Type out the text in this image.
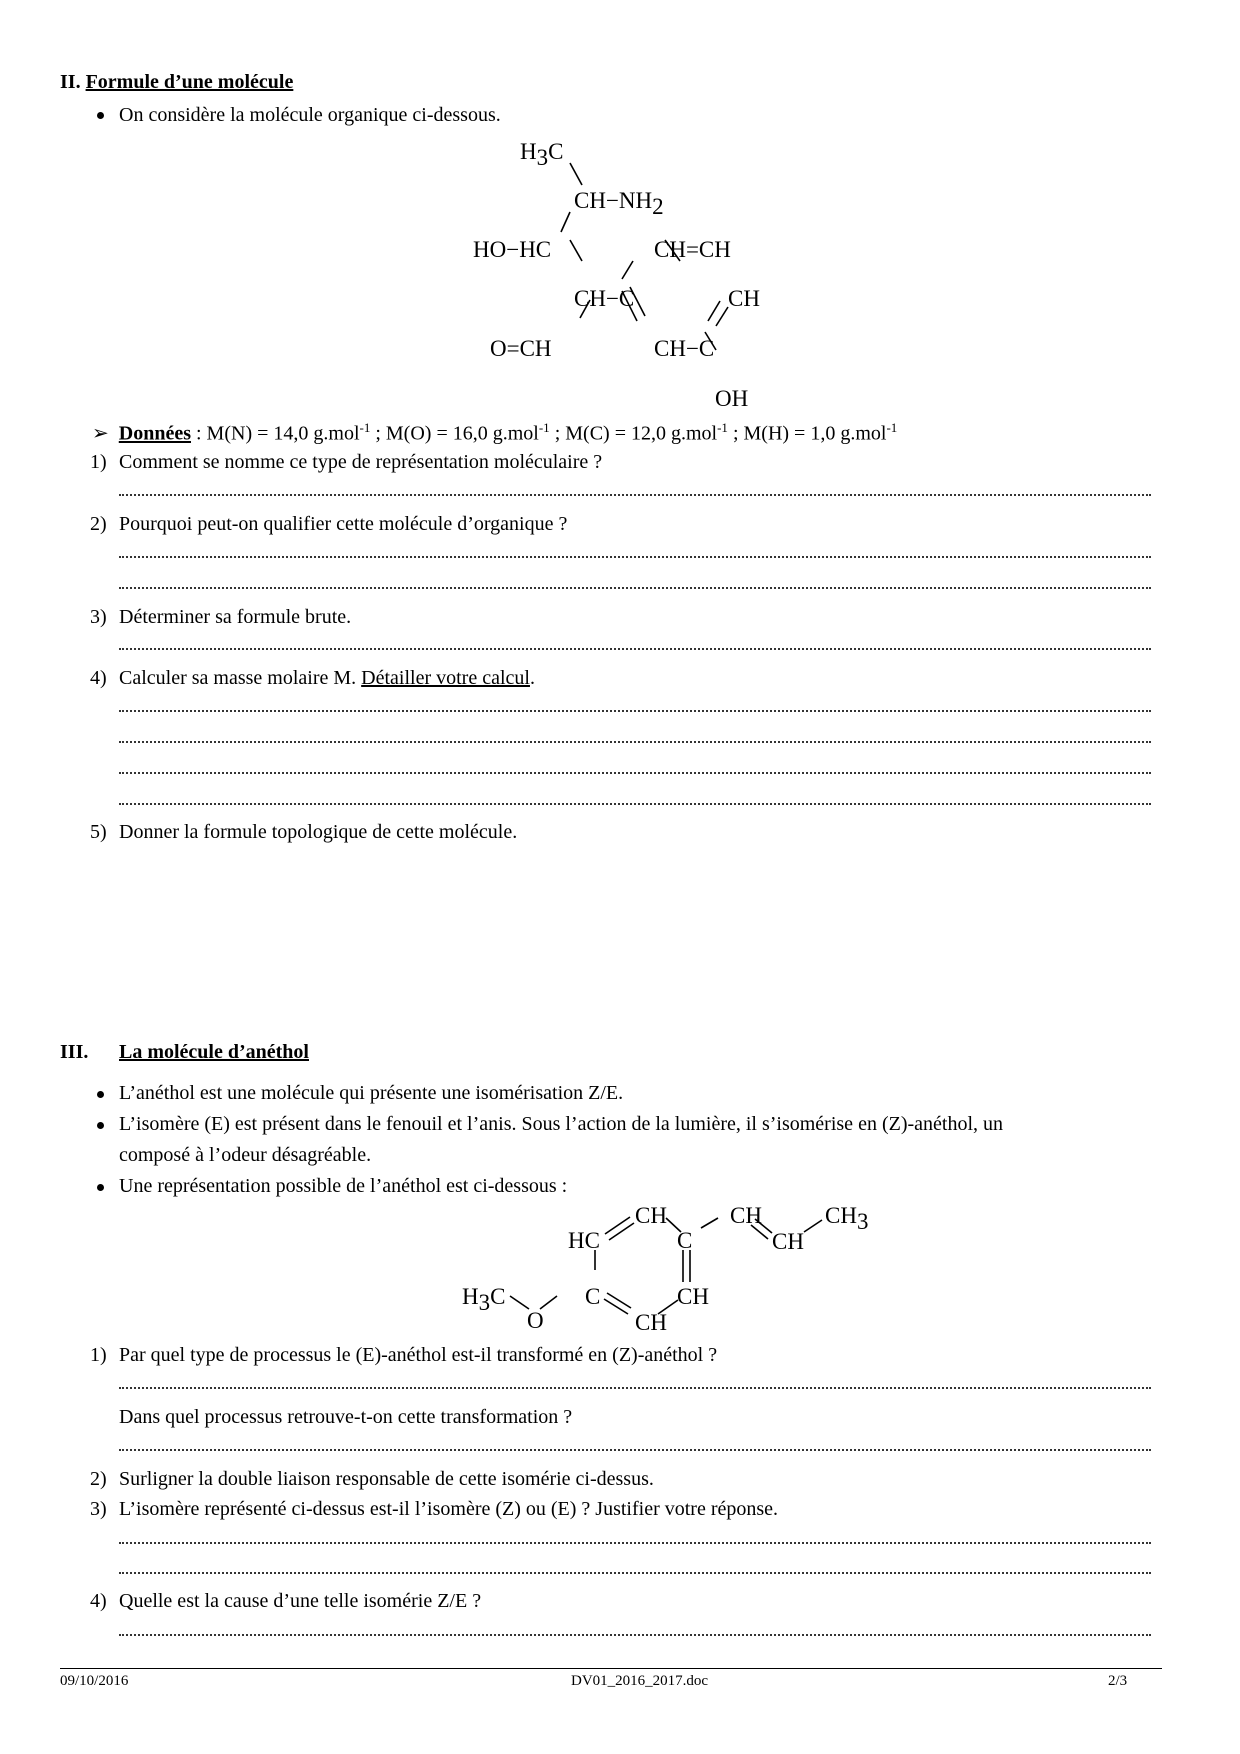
II. Formule d’une molécule
On considère la molécule organique ci-dessous.
H3C
CH−NH2
HO−HC	CH=CH
CH−C	CH
O=CH	CH−C
OH
➢ Données : M(N) = 14,0 g.mol$^{-1}$ ; M(O) = 16,0 g.mol$^{-1}$ ; M(C) = 12,0 g.mol$^{-1}$ ; M(H) = 1,0 g.mol$^{-1}$
1) Comment se nomme ce type de représentation moléculaire ?
2) Pourquoi peut-on qualifier cette molécule d’organique ?
3) Déterminer sa formule brute.
4) Calculer sa masse molaire M. Détailler votre calcul.
5) Donner la formule topologique de cette molécule.
III. La molécule d’anéthol
L’anéthol est une molécule qui présente une isomérisation Z/E.
L’isomère (E) est présent dans le fenouil et l’anis. Sous l’action de la lumière, il s’isomérise en (Z)-anéthol, un
composé à l’odeur désagréable.
Une représentation possible de l’anéthol est ci-dessous :
CH
HC	C
CH	CH3
CH
H3C
O
C	CH
CH
1) Par quel type de processus le (E)-anéthol est-il transformé en (Z)-anéthol ?
Dans quel processus retrouve-t-on cette transformation ?
2) Surligner la double liaison responsable de cette isomérie ci-dessus.
3) L’isomère représenté ci-dessus est-il l’isomère (Z) ou (E) ? Justifier votre réponse.
4) Quelle est la cause d’une telle isomérie Z/E ?
09/10/2016	DV01_2016_2017.doc	2/3
